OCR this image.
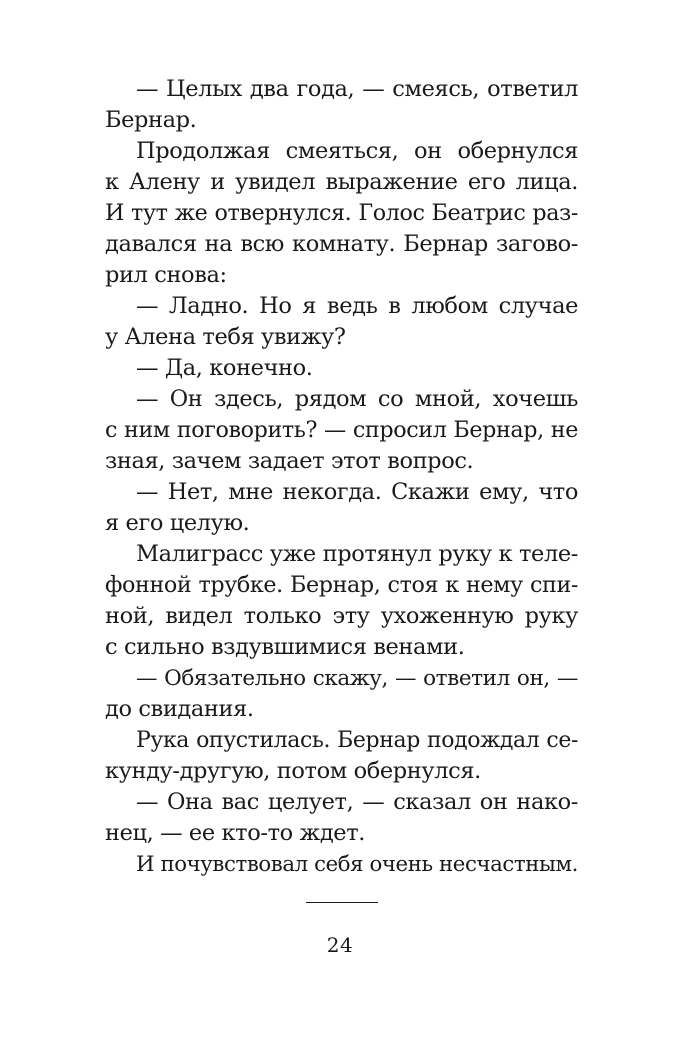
— Целых два года, — смеясь, ответил
Бернар.
Продолжая смеяться, он обернулся
к Алену и увидел выражение его лица.
И тут же отвернулся. Голос Беатрис раз-
давался на всю комнату. Бернар загово-
рил снова:
— Ладно. Но я ведь в любом случае
у Алена тебя увижу?
— Да, конечно.
— Он здесь, рядом со мной, хочешь
с ним поговорить? — спросил Бернар, не
зная, зачем задает этот вопрос.
— Нет, мне некогда. Скажи ему, что
я его целую.
Малиграсс уже протянул руку к теле-
фонной трубке. Бернар, стоя к нему спи-
ной, видел только эту ухоженную руку
с сильно вздувшимися венами.
— Обязательно скажу, — ответил он, —
до свидания.
Рука опустилась. Бернар подождал се-
кунду-другую, потом обернулся.
— Она вас целует, — сказал он нако-
нец, — ее кто-то ждет.
И почувствовал себя очень несчастным.
24
